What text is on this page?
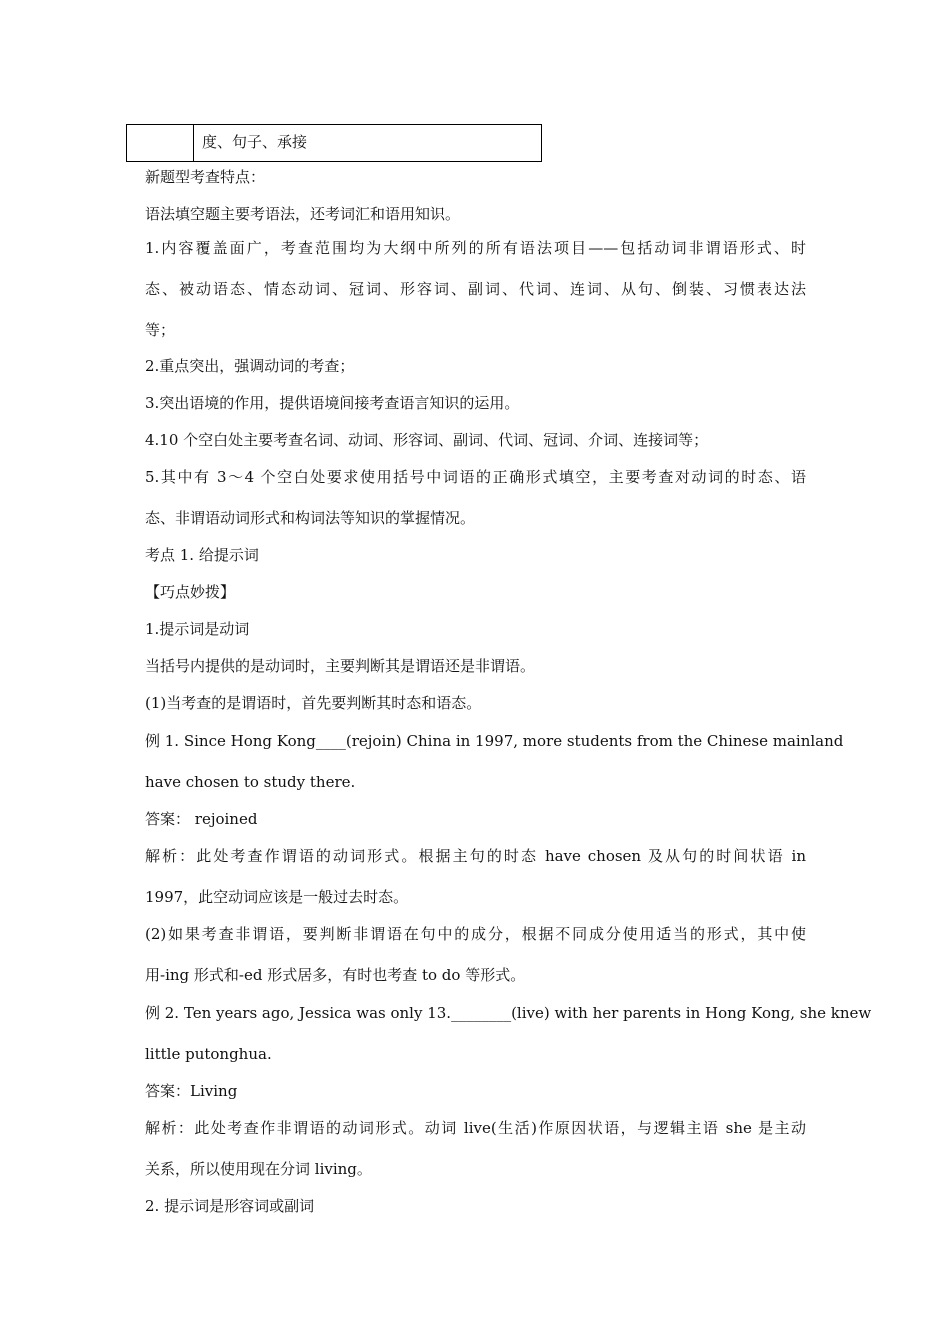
	度、句子、承接
新题型考查特点：
语法填空题主要考语法，还考词汇和语用知识。
1.内容覆盖面广，考查范围均为大纲中所列的所有语法项目——包括动词非谓语形式、时
态、被动语态、情态动词、冠词、形容词、副词、代词、连词、从句、倒装、习惯表达法
等；
2.重点突出，强调动词的考查；
3.突出语境的作用，提供语境间接考查语言知识的运用。
4.10 个空白处主要考查名词、动词、形容词、副词、代词、冠词、介词、连接词等；
5.其中有 3～4 个空白处要求使用括号中词语的正确形式填空，主要考查对动词的时态、语
态、非谓语动词形式和构词法等知识的掌握情况。
考点 1. 给提示词
【巧点妙拨】
1.提示词是动词
当括号内提供的是动词时，主要判断其是谓语还是非谓语。
(1)当考查的是谓语时，首先要判断其时态和语态。
例 1. Since Hong Kong____(rejoin) China in 1997, more students from the Chinese mainland
have chosen to study there.
答案： rejoined
解析：此处考查作谓语的动词形式。根据主句的时态 have chosen 及从句的时间状语 in
1997，此空动词应该是一般过去时态。
(2)如果考查非谓语，要判断非谓语在句中的成分，根据不同成分使用适当的形式，其中使
用-ing 形式和-ed 形式居多，有时也考查 to do 等形式。
例 2. Ten years ago, Jessica was only 13.________(live) with her parents in Hong Kong, she knew
little putonghua.
答案：Living
解析：此处考查作非谓语的动词形式。动词 live(生活)作原因状语，与逻辑主语 she 是主动
关系，所以使用现在分词 living。
2. 提示词是形容词或副词
